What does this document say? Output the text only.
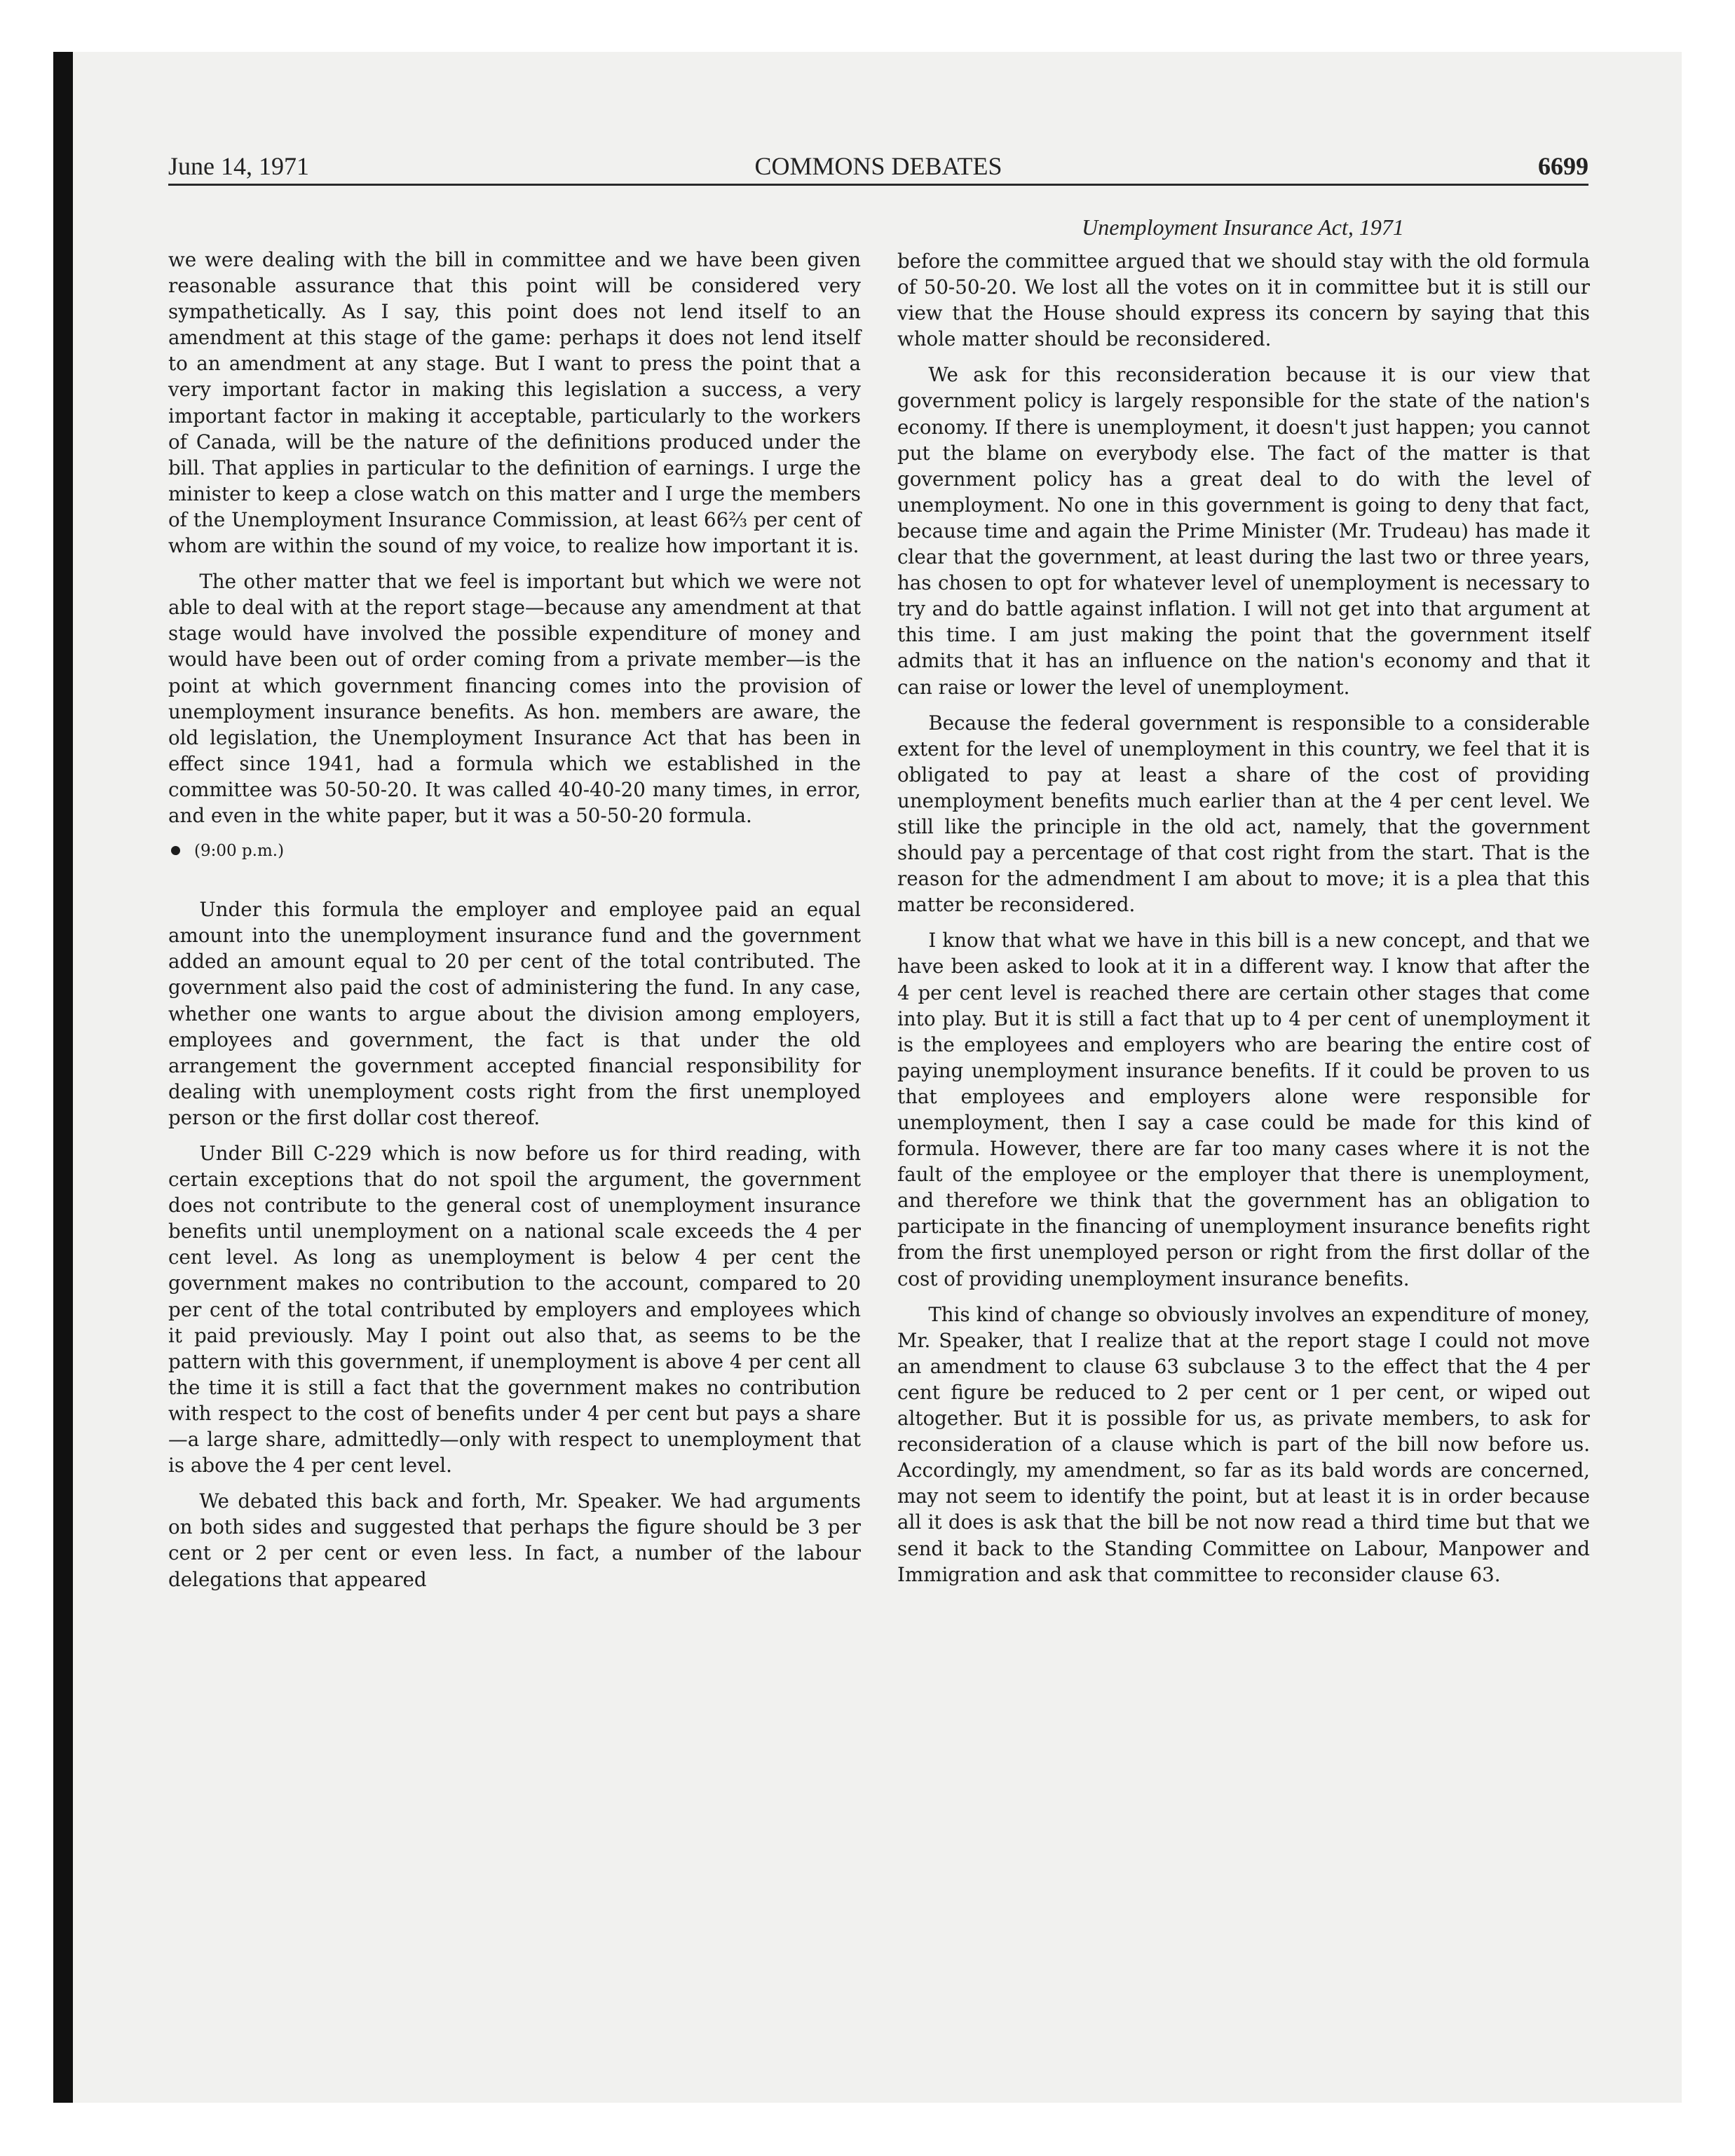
COMMONS DEBATES
June 14, 1971	6699
Unemployment Insurance Act, 1971

we were dealing with the bill in committee and we have been given reasonable assurance that this point will be considered very sympathetically. As I say, this point does not lend itself to an amendment at this stage of the game: perhaps it does not lend itself to an amendment at any stage. But I want to press the point that a very important factor in making this legislation a success, a very important factor in making it acceptable, particularly to the workers of Canada, will be the nature of the definitions produced under the bill. That applies in particular to the definition of earnings. I urge the minister to keep a close watch on this matter and I urge the members of the Unemployment Insurance Commission, at least 66⅔ per cent of whom are within the sound of my voice, to realize how important it is.

The other matter that we feel is important but which we were not able to deal with at the report stage—because any amendment at that stage would have involved the possible expenditure of money and would have been out of order coming from a private member—is the point at which government financing comes into the provision of unemployment insurance benefits. As hon. members are aware, the old legislation, the Unemployment Insurance Act that has been in effect since 1941, had a formula which we established in the committee was 50-50-20. It was called 40-40-20 many times, in error, and even in the white paper, but it was a 50-50-20 formula.

(9:00 p.m.)

Under this formula the employer and employee paid an equal amount into the unemployment insurance fund and the government added an amount equal to 20 per cent of the total contributed. The government also paid the cost of administering the fund. In any case, whether one wants to argue about the division among employers, employees and government, the fact is that under the old arrangement the government accepted financial responsibility for dealing with unemployment costs right from the first unemployed person or the first dollar cost thereof.

Under Bill C-229 which is now before us for third reading, with certain exceptions that do not spoil the argument, the government does not contribute to the general cost of unemployment insurance benefits until unemployment on a national scale exceeds the 4 per cent level. As long as unemployment is below 4 per cent the government makes no contribution to the account, compared to 20 per cent of the total contributed by employers and employees which it paid previously. May I point out also that, as seems to be the pattern with this government, if unemployment is above 4 per cent all the time it is still a fact that the government makes no contribution with respect to the cost of benefits under 4 per cent but pays a share—a large share, admittedly—only with respect to unemployment that is above the 4 per cent level.

We debated this back and forth, Mr. Speaker. We had arguments on both sides and suggested that perhaps the figure should be 3 per cent or 2 per cent or even less. In fact, a number of the labour delegations that appeared

before the committee argued that we should stay with the old formula of 50-50-20. We lost all the votes on it in committee but it is still our view that the House should express its concern by saying that this whole matter should be reconsidered.

We ask for this reconsideration because it is our view that government policy is largely responsible for the state of the nation's economy. If there is unemployment, it doesn't just happen; you cannot put the blame on everybody else. The fact of the matter is that government policy has a great deal to do with the level of unemployment. No one in this government is going to deny that fact, because time and again the Prime Minister (Mr. Trudeau) has made it clear that the government, at least during the last two or three years, has chosen to opt for whatever level of unemployment is necessary to try and do battle against inflation. I will not get into that argument at this time. I am just making the point that the government itself admits that it has an influence on the nation's economy and that it can raise or lower the level of unemployment.

Because the federal government is responsible to a considerable extent for the level of unemployment in this country, we feel that it is obligated to pay at least a share of the cost of providing unemployment benefits much earlier than at the 4 per cent level. We still like the principle in the old act, namely, that the government should pay a percentage of that cost right from the start. That is the reason for the admendment I am about to move; it is a plea that this matter be reconsidered.

I know that what we have in this bill is a new concept, and that we have been asked to look at it in a different way. I know that after the 4 per cent level is reached there are certain other stages that come into play. But it is still a fact that up to 4 per cent of unemployment it is the employees and employers who are bearing the entire cost of paying unemployment insurance benefits. If it could be proven to us that employees and employers alone were responsible for unemployment, then I say a case could be made for this kind of formula. However, there are far too many cases where it is not the fault of the employee or the employer that there is unemployment, and therefore we think that the government has an obligation to participate in the financing of unemployment insurance benefits right from the first unemployed person or right from the first dollar of the cost of providing unemployment insurance benefits.

This kind of change so obviously involves an expenditure of money, Mr. Speaker, that I realize that at the report stage I could not move an amendment to clause 63 subclause 3 to the effect that the 4 per cent figure be reduced to 2 per cent or 1 per cent, or wiped out altogether. But it is possible for us, as private members, to ask for reconsideration of a clause which is part of the bill now before us. Accordingly, my amendment, so far as its bald words are concerned, may not seem to identify the point, but at least it is in order because all it does is ask that the bill be not now read a third time but that we send it back to the Standing Committee on Labour, Manpower and Immigration and ask that committee to reconsider clause 63.
